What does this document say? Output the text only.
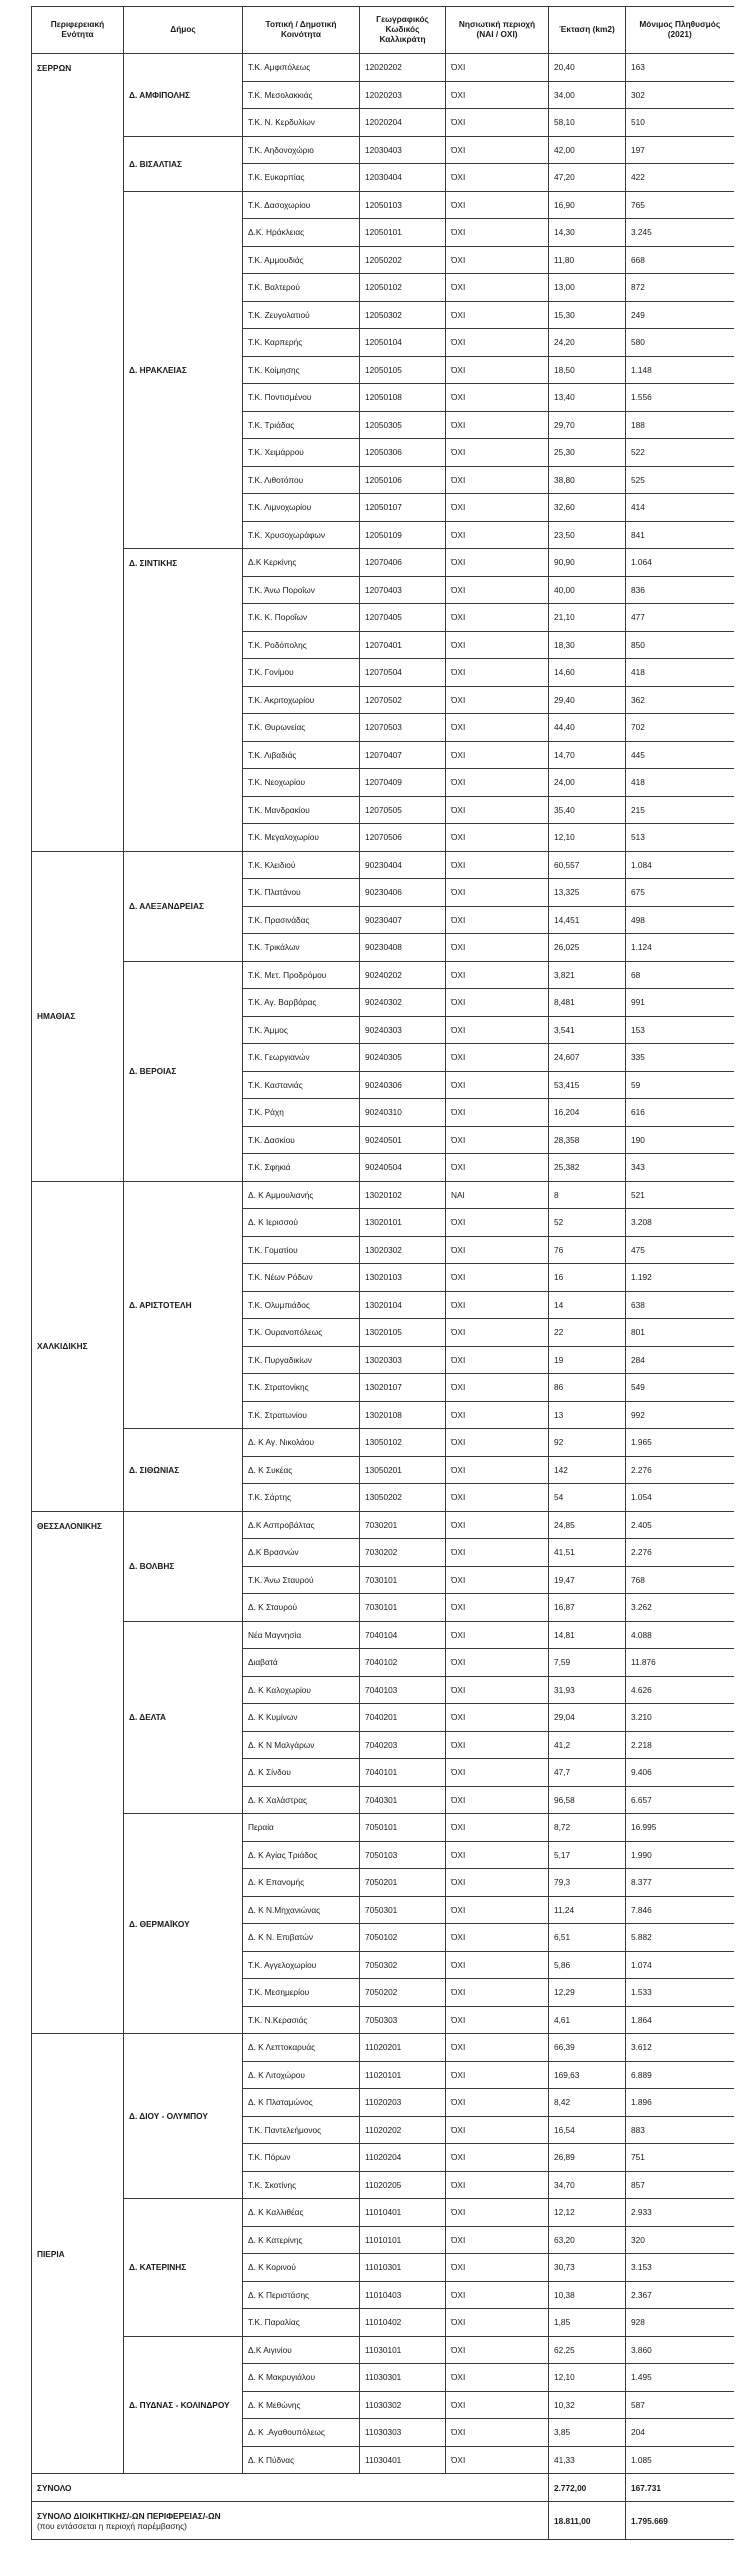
Περιφερειακή Ενότητα	Δήμος	Τοπική / Δημοτική Κοινότητα	Γεωγραφικός Κωδικός Καλλικράτη	Νησιωτική περιοχή (ΝΑΙ / ΟΧΙ)	Έκταση (km2)	Μόνιμος Πληθυσμός (2021)
ΣΕΡΡΩΝ	Δ. ΑΜΦΙΠΟΛΗΣ	Τ.Κ. Αμφιπόλεως	12020202	ΌΧΙ	20,40	163
		Τ.Κ. Μεσολακκιάς	12020203	ΌΧΙ	34,00	302
		Τ.Κ. Ν. Κερδυλίων	12020204	ΌΧΙ	58,10	510
	Δ. ΒΙΣΑΛΤΙΑΣ	Τ.Κ. Αηδονοχώριο	12030403	ΌΧΙ	42,00	197
		Τ.Κ. Ευκαρπίας	12030404	ΌΧΙ	47,20	422
	Δ. ΗΡΑΚΛΕΙΑΣ	Τ.Κ. Δασοχωρίου	12050103	ΌΧΙ	16,90	765
		Δ.Κ. Ηράκλειας	12050101	ΌΧΙ	14,30	3.245
		Τ.Κ. Αμμουδιάς	12050202	ΌΧΙ	11,80	668
		Τ.Κ. Βαλτερού	12050102	ΌΧΙ	13,00	872
		Τ.Κ. Ζευγολατιού	12050302	ΌΧΙ	15,30	249
		Τ.Κ. Καρπερής	12050104	ΌΧΙ	24,20	580
		Τ.Κ. Κοίμησης	12050105	ΌΧΙ	18,50	1.148
		Τ.Κ. Ποντισμένου	12050108	ΌΧΙ	13,40	1.556
		Τ.Κ. Τριάδας	12050305	ΌΧΙ	29,70	188
		Τ.Κ. Χειμάρρου	12050306	ΌΧΙ	25,30	522
		Τ.Κ. Λιθοτόπου	12050106	ΌΧΙ	38,80	525
		Τ.Κ. Λιμνοχωρίου	12050107	ΌΧΙ	32,60	414
		Τ.Κ. Χρυσοχωράφων	12050109	ΌΧΙ	23,50	841
	Δ. ΣΙΝΤΙΚΗΣ	Δ.Κ Κερκίνης	12070406	ΌΧΙ	90,90	1.064
		Τ.Κ. Άνω Ποροΐων	12070403	ΌΧΙ	40,00	836
		Τ.Κ. Κ. Ποροΐων	12070405	ΌΧΙ	21,10	477
		Τ.Κ. Ροδόπολης	12070401	ΌΧΙ	18,30	850
		Τ.Κ. Γονίμου	12070504	ΌΧΙ	14,60	418
		Τ.Κ. Ακριτοχωρίου	12070502	ΌΧΙ	29,40	362
		Τ.Κ. Θυρωνείας	12070503	ΌΧΙ	44,40	702
		Τ.Κ. Λιβαδιάς	12070407	ΌΧΙ	14,70	445
		Τ.Κ. Νεοχωρίου	12070409	ΌΧΙ	24,00	418
		Τ.Κ. Μανδρακίου	12070505	ΌΧΙ	35,40	215
		Τ.Κ. Μεγαλοχωρίου	12070506	ΌΧΙ	12,10	513
ΗΜΑΘΙΑΣ	Δ. ΑΛΕΞΑΝΔΡΕΙΑΣ	Τ.Κ. Κλειδιού	90230404	ΌΧΙ	60,557	1.084
		Τ.Κ. Πλατάνου	90230406	ΌΧΙ	13,325	675
		Τ.Κ. Πρασινάδας	90230407	ΌΧΙ	14,451	498
		Τ.Κ. Τρικάλων	90230408	ΌΧΙ	26,025	1.124
	Δ. ΒΕΡΟΙΑΣ	Τ.Κ. Μετ. Προδρόμου	90240202	ΌΧΙ	3,821	68
		Τ.Κ. Αγ. Βαρβάρας	90240302	ΌΧΙ	8,481	991
		Τ.Κ. Άμμος	90240303	ΌΧΙ	3,541	153
		Τ.Κ. Γεωργιανών	90240305	ΌΧΙ	24,607	335
		Τ.Κ. Καστανιάς	90240306	ΌΧΙ	53,415	59
		Τ.Κ. Ράχη	90240310	ΌΧΙ	16,204	616
		Τ.Κ. Δασκίου	90240501	ΌΧΙ	28,358	190
		Τ.Κ. Σφηκιά	90240504	ΌΧΙ	25,382	343
ΧΑΛΚΙΔΙΚΗΣ	Δ. ΑΡΙΣΤΟΤΕΛΗ	Δ. Κ Αμμουλιανής	13020102	ΝΑΙ	8	521
		Δ. Κ Ιερισσού	13020101	ΌΧΙ	52	3.208
		Τ.Κ. Γοματίου	13020302	ΌΧΙ	76	475
		Τ.Κ. Νέων Ρόδων	13020103	ΌΧΙ	16	1.192
		Τ.Κ. Ολυμπιάδος	13020104	ΌΧΙ	14	638
		Τ.Κ. Ουρανοπόλεως	13020105	ΌΧΙ	22	801
		Τ.Κ. Πυργαδικίων	13020303	ΌΧΙ	19	284
		Τ.Κ. Στρατονίκης	13020107	ΌΧΙ	86	549
		Τ.Κ. Στρατωνίου	13020108	ΌΧΙ	13	992
	Δ. ΣΙΘΩΝΙΑΣ	Δ. Κ Αγ. Νικολάου	13050102	ΌΧΙ	92	1.965
		Δ. Κ Συκέας	13050201	ΌΧΙ	142	2.276
		Τ.Κ. Σάρτης	13050202	ΌΧΙ	54	1.054
ΘΕΣΣΑΛΟΝΙΚΗΣ	Δ. ΒΟΛΒΗΣ	Δ.Κ Ασπροβάλτας	7030201	ΌΧΙ	24,85	2.405
		Δ.Κ Βρασνών	7030202	ΌΧΙ	41,51	2.276
		Τ.Κ. Άνω Σταυρού	7030101	ΌΧΙ	19,47	768
		Δ. Κ Σταυρού	7030101	ΌΧΙ	16,87	3.262
	Δ. ΔΕΛΤΑ	Νέα Μαγνησία	7040104	ΌΧΙ	14,81	4.088
		Διαβατά	7040102	ΌΧΙ	7,59	11.876
		Δ. Κ Καλοχωρίου	7040103	ΌΧΙ	31,93	4.626
		Δ. Κ Κυμίνων	7040201	ΌΧΙ	29,04	3.210
		Δ. Κ Ν Μαλγάρων	7040203	ΌΧΙ	41,2	2.218
		Δ. Κ Σίνδου	7040101	ΌΧΙ	47,7	9.406
		Δ. Κ Χαλάστρας	7040301	ΌΧΙ	96,58	6.657
	Δ. ΘΕΡΜΑΪΚΟΥ	Περαία	7050101	ΌΧΙ	8,72	16.995
		Δ. Κ Αγίας Τριάδος	7050103	ΌΧΙ	5,17	1.990
		Δ. Κ Επανομής	7050201	ΌΧΙ	79,3	8.377
		Δ. Κ Ν.Μηχανιώνας	7050301	ΌΧΙ	11,24	7.846
		Δ. Κ Ν. Επιβατών	7050102	ΌΧΙ	6,51	5.882
		Τ.Κ. Αγγελοχωρίου	7050302	ΌΧΙ	5,86	1.074
		Τ.Κ. Μεσημερίου	7050202	ΌΧΙ	12,29	1.533
		Τ.Κ. Ν.Κερασιάς	7050303	ΌΧΙ	4,61	1.864
ΠΙΕΡΙΑ	Δ. ΔΙΟΥ - ΟΛΥΜΠΟΥ	Δ. Κ Λεπτοκαρυάς	11020201	ΌΧΙ	66,39	3.612
		Δ. Κ Λιτοχώρου	11020101	ΌΧΙ	169,63	6.889
		Δ. Κ Πλαταμώνος	11020203	ΌΧΙ	8,42	1.896
		Τ.Κ. Παντελεήμονος	11020202	ΌΧΙ	16,54	883
		Τ.Κ. Πόρων	11020204	ΌΧΙ	26,89	751
		Τ.Κ. Σκοτίνης	11020205	ΌΧΙ	34,70	857
	Δ. ΚΑΤΕΡΙΝΗΣ	Δ. Κ Καλλιθέας	11010401	ΌΧΙ	12,12	2.933
		Δ. Κ Κατερίνης	11010101	ΌΧΙ	63,20	320
		Δ. Κ Κορινού	11010301	ΌΧΙ	30,73	3.153
		Δ. Κ Περιστάσης	11010403	ΌΧΙ	10,38	2.367
		Τ.Κ. Παραλίας	11010402	ΌΧΙ	1,85	928
	Δ. ΠΥΔΝΑΣ - ΚΟΛΙΝΔΡΟΥ	Δ.Κ Αιγινίου	11030101	ΌΧΙ	62,25	3.860
		Δ. Κ Μακρυγιάλου	11030301	ΌΧΙ	12,10	1.495
		Δ. Κ Μεθώνης	11030302	ΌΧΙ	10,32	587
		Δ. Κ .Αγαθουπόλεως	11030303	ΌΧΙ	3,85	204
		Δ. Κ Πύδνας	11030401	ΌΧΙ	41,33	1.085
ΣΥΝΟΛΟ					2.772,00	167.731

ΣΥΝΟΛΟ ΔΙΟΙΚΗΤΙΚΗΣ/-ΩΝ ΠΕΡΙΦΕΡΕΙΑΣ/-ΩΝ
(που εντάσσεται η περιοχή παρέμβασης)					18.811,00	1.795.669
